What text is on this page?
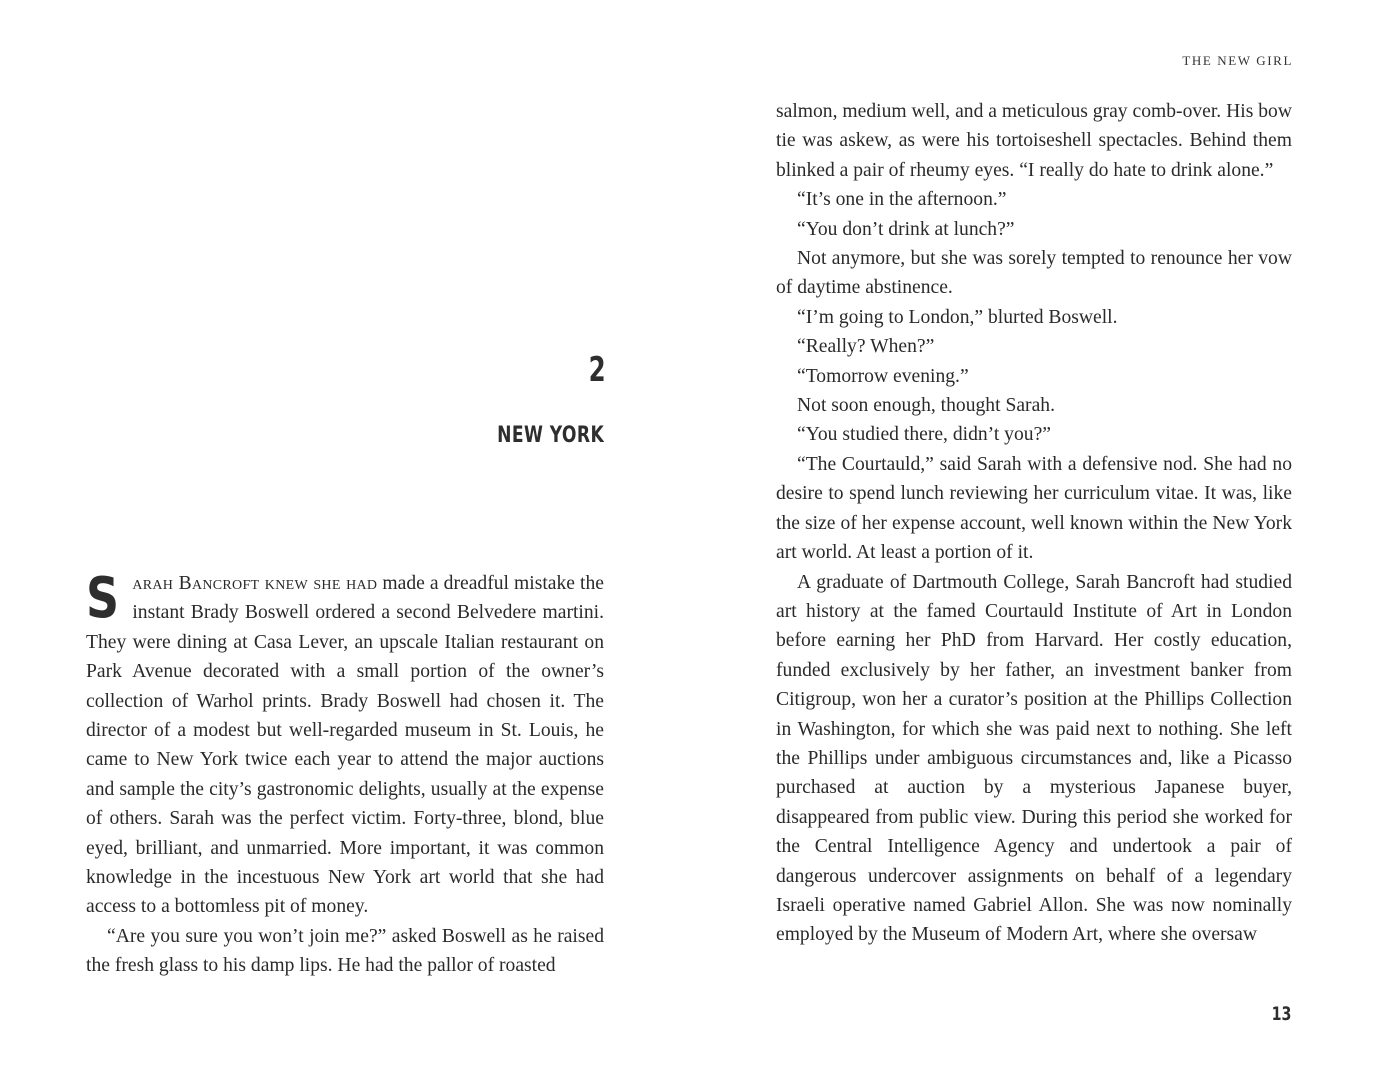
2
NEW YORK

Sarah Bancroft knew she had made a dreadful mistake the instant Brady Boswell ordered a second Belvedere martini. They were dining at Casa Lever, an upscale Italian restaurant on Park Avenue decorated with a small portion of the owner’s collection of Warhol prints. Brady Boswell had chosen it. The director of a modest but well-regarded museum in St. Louis, he came to New York twice each year to attend the major auctions and sample the city’s gastronomic delights, usually at the expense of others. Sarah was the perfect victim. Forty-three, blond, blue eyed, brilliant, and unmarried. More important, it was common knowledge in the incestuous New York art world that she had access to a bottomless pit of money.

“Are you sure you won’t join me?” asked Boswell as he raised the fresh glass to his damp lips. He had the pallor of roasted

THE NEW GIRL

salmon, medium well, and a meticulous gray comb-over. His bow tie was askew, as were his tortoiseshell spectacles. Behind them blinked a pair of rheumy eyes. “I really do hate to drink alone.”

“It’s one in the afternoon.”

“You don’t drink at lunch?”

Not anymore, but she was sorely tempted to renounce her vow of daytime abstinence.

“I’m going to London,” blurted Boswell.

“Really? When?”

“Tomorrow evening.”

Not soon enough, thought Sarah.

“You studied there, didn’t you?”

“The Courtauld,” said Sarah with a defensive nod. She had no desire to spend lunch reviewing her curriculum vitae. It was, like the size of her expense account, well known within the New York art world. At least a portion of it.

A graduate of Dartmouth College, Sarah Bancroft had studied art history at the famed Courtauld Institute of Art in London before earning her PhD from Harvard. Her costly education, funded exclusively by her father, an investment banker from Citigroup, won her a curator’s position at the Phillips Collection in Washington, for which she was paid next to nothing. She left the Phillips under ambiguous circumstances and, like a Picasso purchased at auction by a mysterious Japanese buyer, disappeared from public view. During this period she worked for the Central Intelligence Agency and undertook a pair of dangerous undercover assignments on behalf of a legendary Israeli operative named Gabriel Allon. She was now nominally employed by the Museum of Modern Art, where she oversaw

13
